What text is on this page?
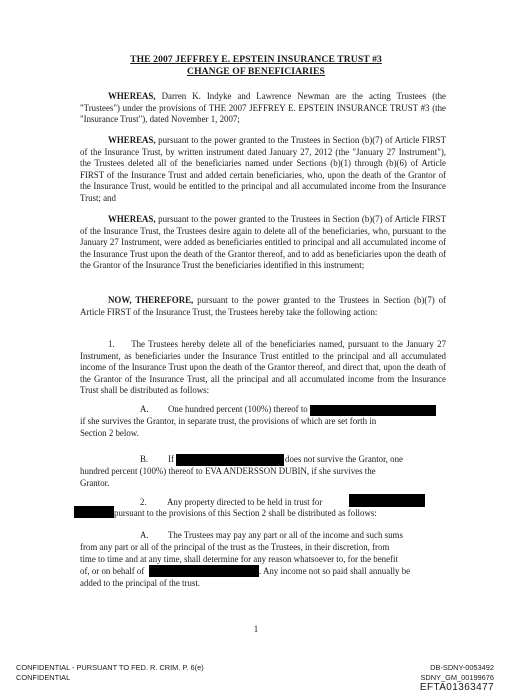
THE 2007 JEFFREY E. EPSTEIN INSURANCE TRUST #3
CHANGE OF BENEFICIARIES

WHEREAS, Darren K. Indyke and Lawrence Newman are the acting Trustees (the "Trustees") under the provisions of THE 2007 JEFFREY E. EPSTEIN INSURANCE TRUST #3 (the "Insurance Trust"), dated November 1, 2007;

WHEREAS, pursuant to the power granted to the Trustees in Section (b)(7) of Article FIRST of the Insurance Trust, by written instrument dated January 27, 2012 (the "January 27 Instrument"), the Trustees deleted all of the beneficiaries named under Sections (b)(1) through (b)(6) of Article FIRST of the Insurance Trust and added certain beneficiaries, who, upon the death of the Grantor of the Insurance Trust, would be entitled to the principal and all accumulated income from the Insurance Trust; and

WHEREAS, pursuant to the power granted to the Trustees in Section (b)(7) of Article FIRST of the Insurance Trust, the Trustees desire again to delete all of the beneficiaries, who, pursuant to the January 27 Instrument, were added as beneficiaries entitled to principal and all accumulated income of the Insurance Trust upon the death of the Grantor thereof, and to add as beneficiaries upon the death of the Grantor of the Insurance Trust the beneficiaries identified in this instrument;

NOW, THEREFORE, pursuant to the power granted to the Trustees in Section (b)(7) of Article FIRST of the Insurance Trust, the Trustees hereby take the following action:

1. The Trustees hereby delete all of the beneficiaries named, pursuant to the January 27 Instrument, as beneficiaries under the Insurance Trust entitled to the principal and all accumulated income of the Insurance Trust upon the death of the Grantor thereof, and direct that, upon the death of the Grantor of the Insurance Trust, all the principal and all accumulated income from the Insurance Trust shall be distributed as follows:

A. One hundred percent (100%) thereof to
if she survives the Grantor, in separate trust, the provisions of which are set forth in
Section 2 below.
B. If	does not survive the Grantor, one
hundred percent (100%) thereof to EVA ANDERSSON DUBIN, if she survives the
Grantor.
2. Any property directed to be held in trust for
pursuant to the provisions of this Section 2 shall be distributed as follows:
A. The Trustees may pay any part or all of the income and such sums
from any part or all of the principal of the trust as the Trustees, in their discretion, from
time to time and at any time, shall determine for any reason whatsoever to, for the benefit
of, or on behalf of	. Any income not so paid shall annually be
added to the principal of the trust.
1
CONFIDENTIAL - PURSUANT TO FED. R. CRIM. P. 6(e)
CONFIDENTIAL
DB-SDNY-0053492
SDNY_GM_00199676
EFTA01363477
